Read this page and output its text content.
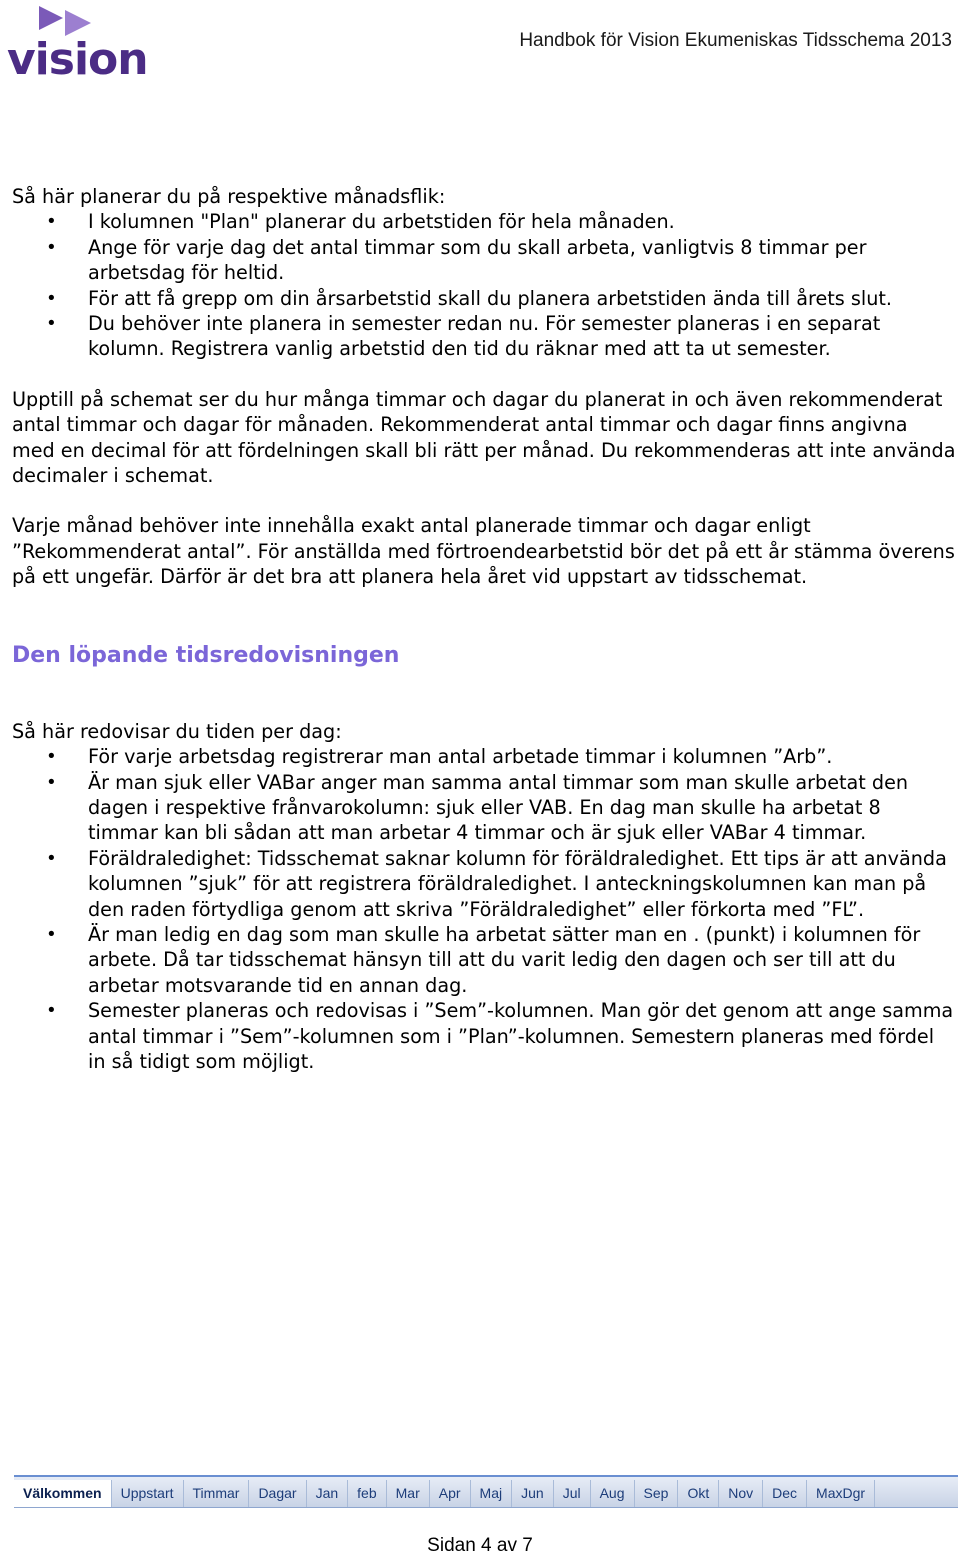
vision	Handbok för Vision Ekumeniskas Tidsschema 2013

Så här planerar du på respektive månadsflik:

• I kolumnen "Plan" planerar du arbetstiden för hela månaden.
• Ange för varje dag det antal timmar som du skall arbeta, vanligtvis 8 timmar per arbetsdag för heltid.
• För att få grepp om din årsarbetstid skall du planera arbetstiden ända till årets slut.
• Du behöver inte planera in semester redan nu. För semester planeras i en separat kolumn. Registrera vanlig arbetstid den tid du räknar med att ta ut semester.

Upptill på schemat ser du hur många timmar och dagar du planerat in och även rekommenderat antal timmar och dagar för månaden. Rekommenderat antal timmar och dagar finns angivna med en decimal för att fördelningen skall bli rätt per månad. Du rekommenderas att inte använda decimaler i schemat.

Varje månad behöver inte innehålla exakt antal planerade timmar och dagar enligt ”Rekommenderat antal”. För anställda med förtroendearbetstid bör det på ett år stämma överens på ett ungefär. Därför är det bra att planera hela året vid uppstart av tidsschemat.

Den löpande tidsredovisningen

Så här redovisar du tiden per dag:

• För varje arbetsdag registrerar man antal arbetade timmar i kolumnen ”Arb”.
• Är man sjuk eller VABar anger man samma antal timmar som man skulle arbetat den dagen i respektive frånvarokolumn: sjuk eller VAB. En dag man skulle ha arbetat 8 timmar kan bli sådan att man arbetar 4 timmar och är sjuk eller VABar 4 timmar.
• Föräldraledighet: Tidsschemat saknar kolumn för föräldraledighet. Ett tips är att använda kolumnen ”sjuk” för att registrera föräldraledighet. I anteckningskolumnen kan man på den raden förtydliga genom att skriva ”Föräldraledighet” eller förkorta med ”FL”.
• Är man ledig en dag som man skulle ha arbetat sätter man en . (punkt) i kolumnen för arbete. Då tar tidsschemat hänsyn till att du varit ledig den dagen och ser till att du arbetar motsvarande tid en annan dag.
• Semester planeras och redovisas i ”Sem”-kolumnen. Man gör det genom att ange samma antal timmar i ”Sem”-kolumnen som i ”Plan”-kolumnen. Semestern planeras med fördel in så tidigt som möjligt.
Välkommen	Uppstart	Timmar	Dagar	Jan	feb	Mar	Apr	Maj	Jun	Jul	Aug	Sep	Okt	Nov	Dec	MaxDgr
Sidan 4 av 7
